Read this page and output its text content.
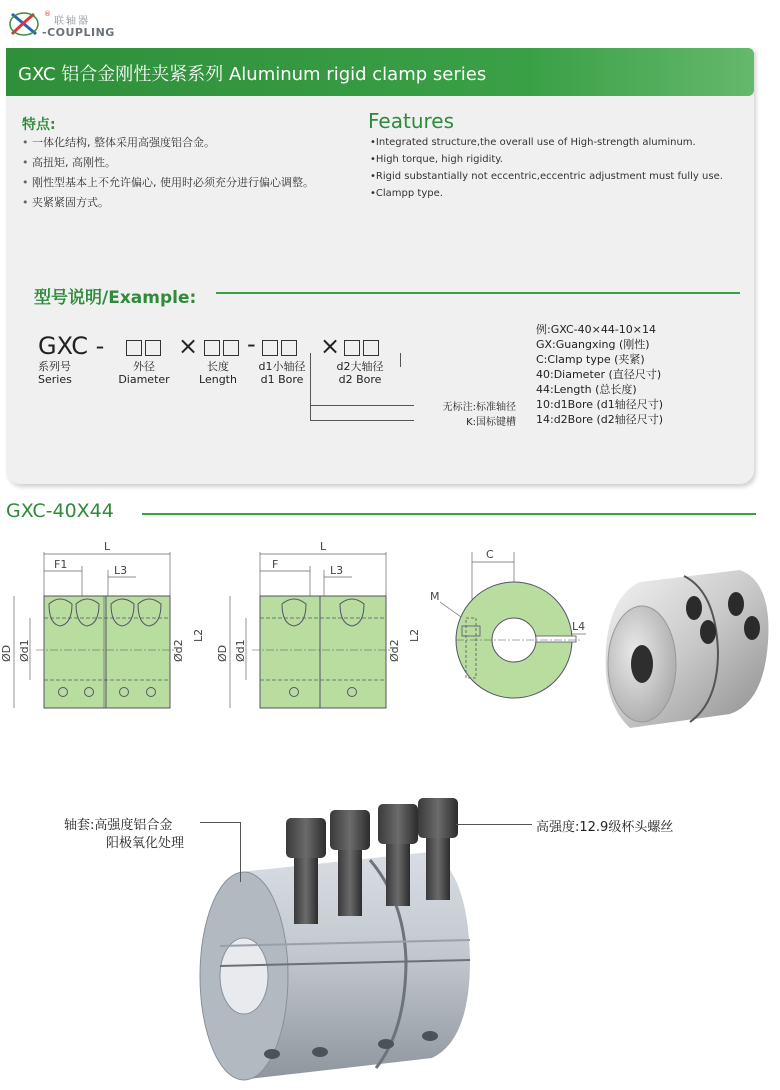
®
联轴器
-COUPLING
GXC 铝合金刚性夹紧系列 Aluminum rigid clamp series
特点:
• 一体化结构, 整体采用高强度铝合金。
• 高扭矩, 高刚性。
• 刚性型基本上不允许偏心, 使用时必须充分进行偏心调整。
• 夹紧紧固方式。
Features
•Integrated structure,the overall use of High-strength aluminum.
•High torque, high rigidity.
•Rigid substantially not eccentric,eccentric adjustment must fully use.
•Clampp type.
型号说明/Example:
GXC -	× -	×
系列号
Series
外径
Diameter
长度
Length
d1小轴径
d1 Bore
d2大轴径
d2 Bore
无标注:标准轴径
K:国标键槽
例:GXC-40×44-10×14
GX:Guangxing (刚性)
C:Clamp type (夹紧)
40:Diameter (直径尺寸)
44:Length (总长度)
10:d1Bore (d1轴径尺寸)
14:d2Bore (d2轴径尺寸)
GXC-40X44
L
F1	L3
ØD Ød1	Ød2
L2
L
F	L3
ØD Ød1	Ød2
L2
C
M
L4
轴套:高强度铝合金
阳极氧化处理
高强度:12.9级杯头螺丝
